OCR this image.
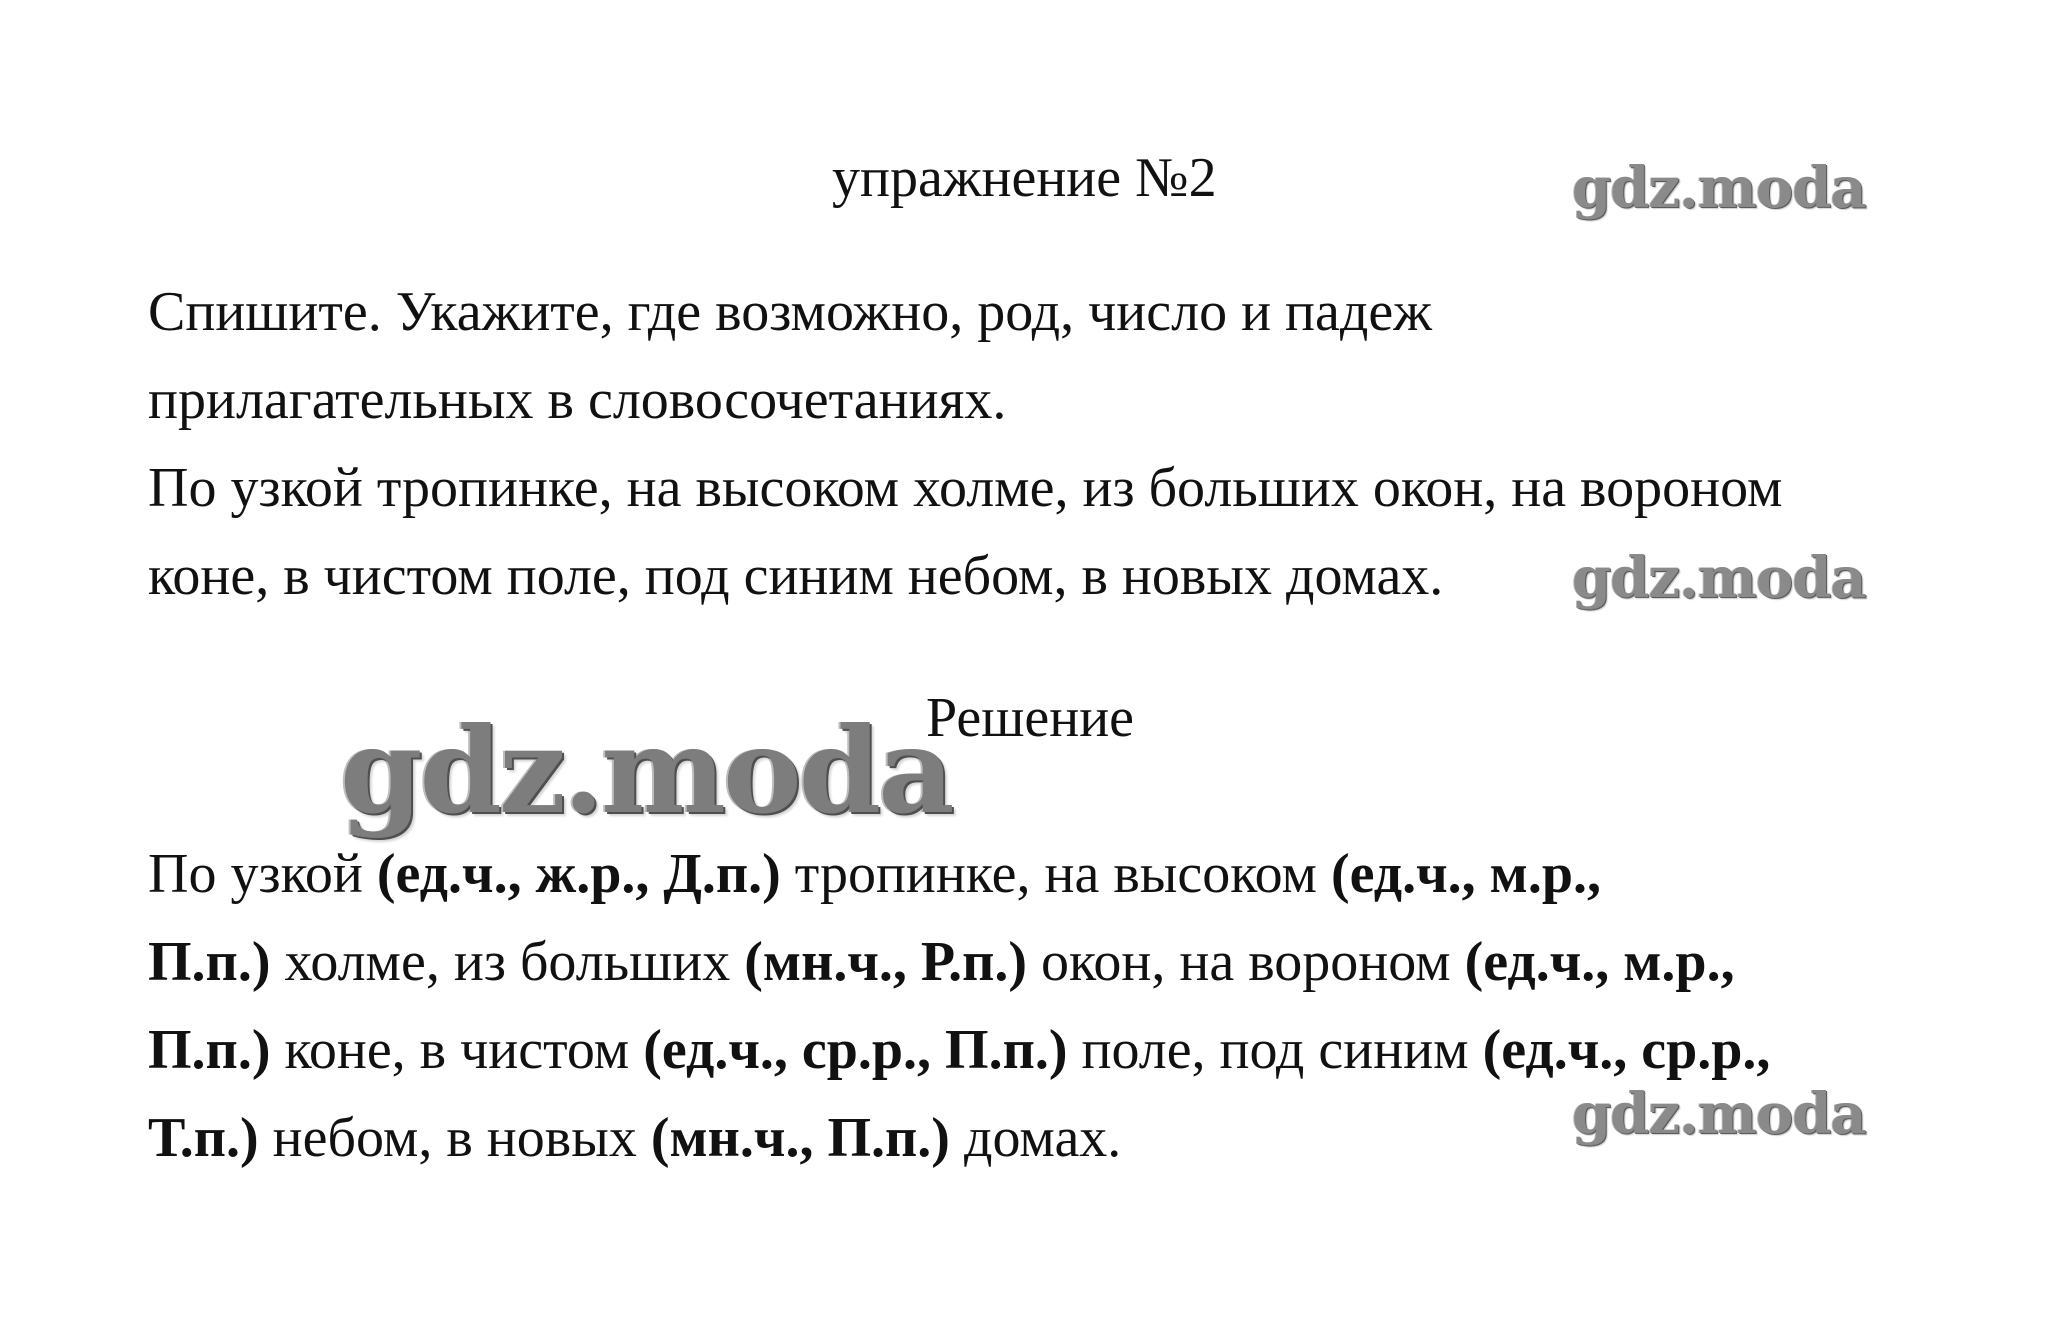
упражнение №2	gdz.moda
Спишите. Укажите, где возможно, род, число и падеж
прилагательных в словосочетаниях.
По узкой тропинке, на высоком холме, из больших окон, на вороном
коне, в чистом поле, под синим небом, в новых домах. gdz.moda
Решение
gdz.moda
По узкой (ед.ч., ж.р., Д.п.) тропинке, на высоком (ед.ч., м.р.,
П.п.) холме, из больших (мн.ч., Р.п.) окон, на вороном (ед.ч., м.р.,
П.п.) коне, в чистом (ед.ч., ср.р., П.п.) поле, под синим (ед.ч., ср.р.,
gdz.moda
Т.п.) небом, в новых (мн.ч., П.п.) домах.
